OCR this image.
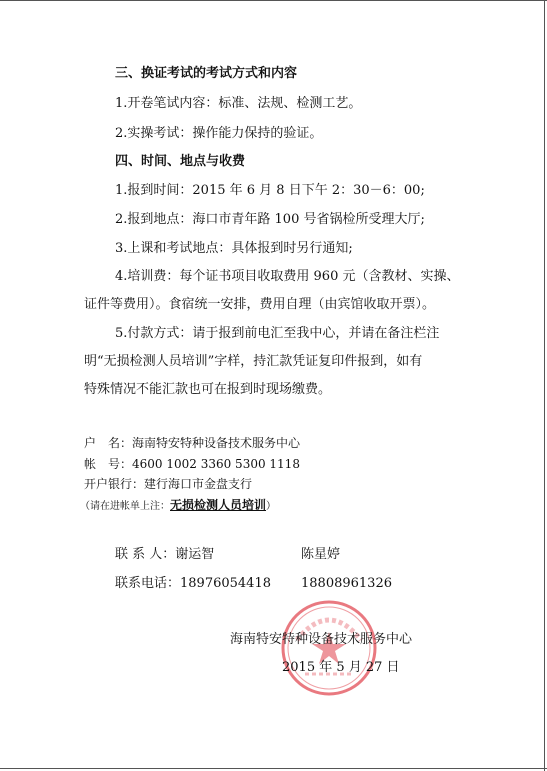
三、换证考试的考试方式和内容
1.开卷笔试内容：标准、法规、检测工艺。
2.实操考试：操作能力保持的验证。
四、时间、地点与收费
1.报到时间：2015 年 6 月 8 日下午 2：30－6：00;
2.报到地点：海口市青年路 100 号省锅检所受理大厅;
3.上课和考试地点：具体报到时另行通知;
4.培训费：每个证书项目收取费用 960 元（含教材、实操、
证件等费用）。食宿统一安排，费用自理（由宾馆收取开票）。
5.付款方式：请于报到前电汇至我中心，并请在备注栏注
明“无损检测人员培训”字样，持汇款凭证复印件报到，如有
特殊情况不能汇款也可在报到时现场缴费。
户　名：海南特安特种设备技术服务中心
帐　号：4600 1002 3360 5300 1118
开户银行：建行海口市金盘支行
（请在进帐单上注：无损检测人员培训）
联 系 人：谢运智	陈星婷
联系电话：18976054418 18808961326
海南特安特种设备技术服务中心
2015 年 5 月 27 日
